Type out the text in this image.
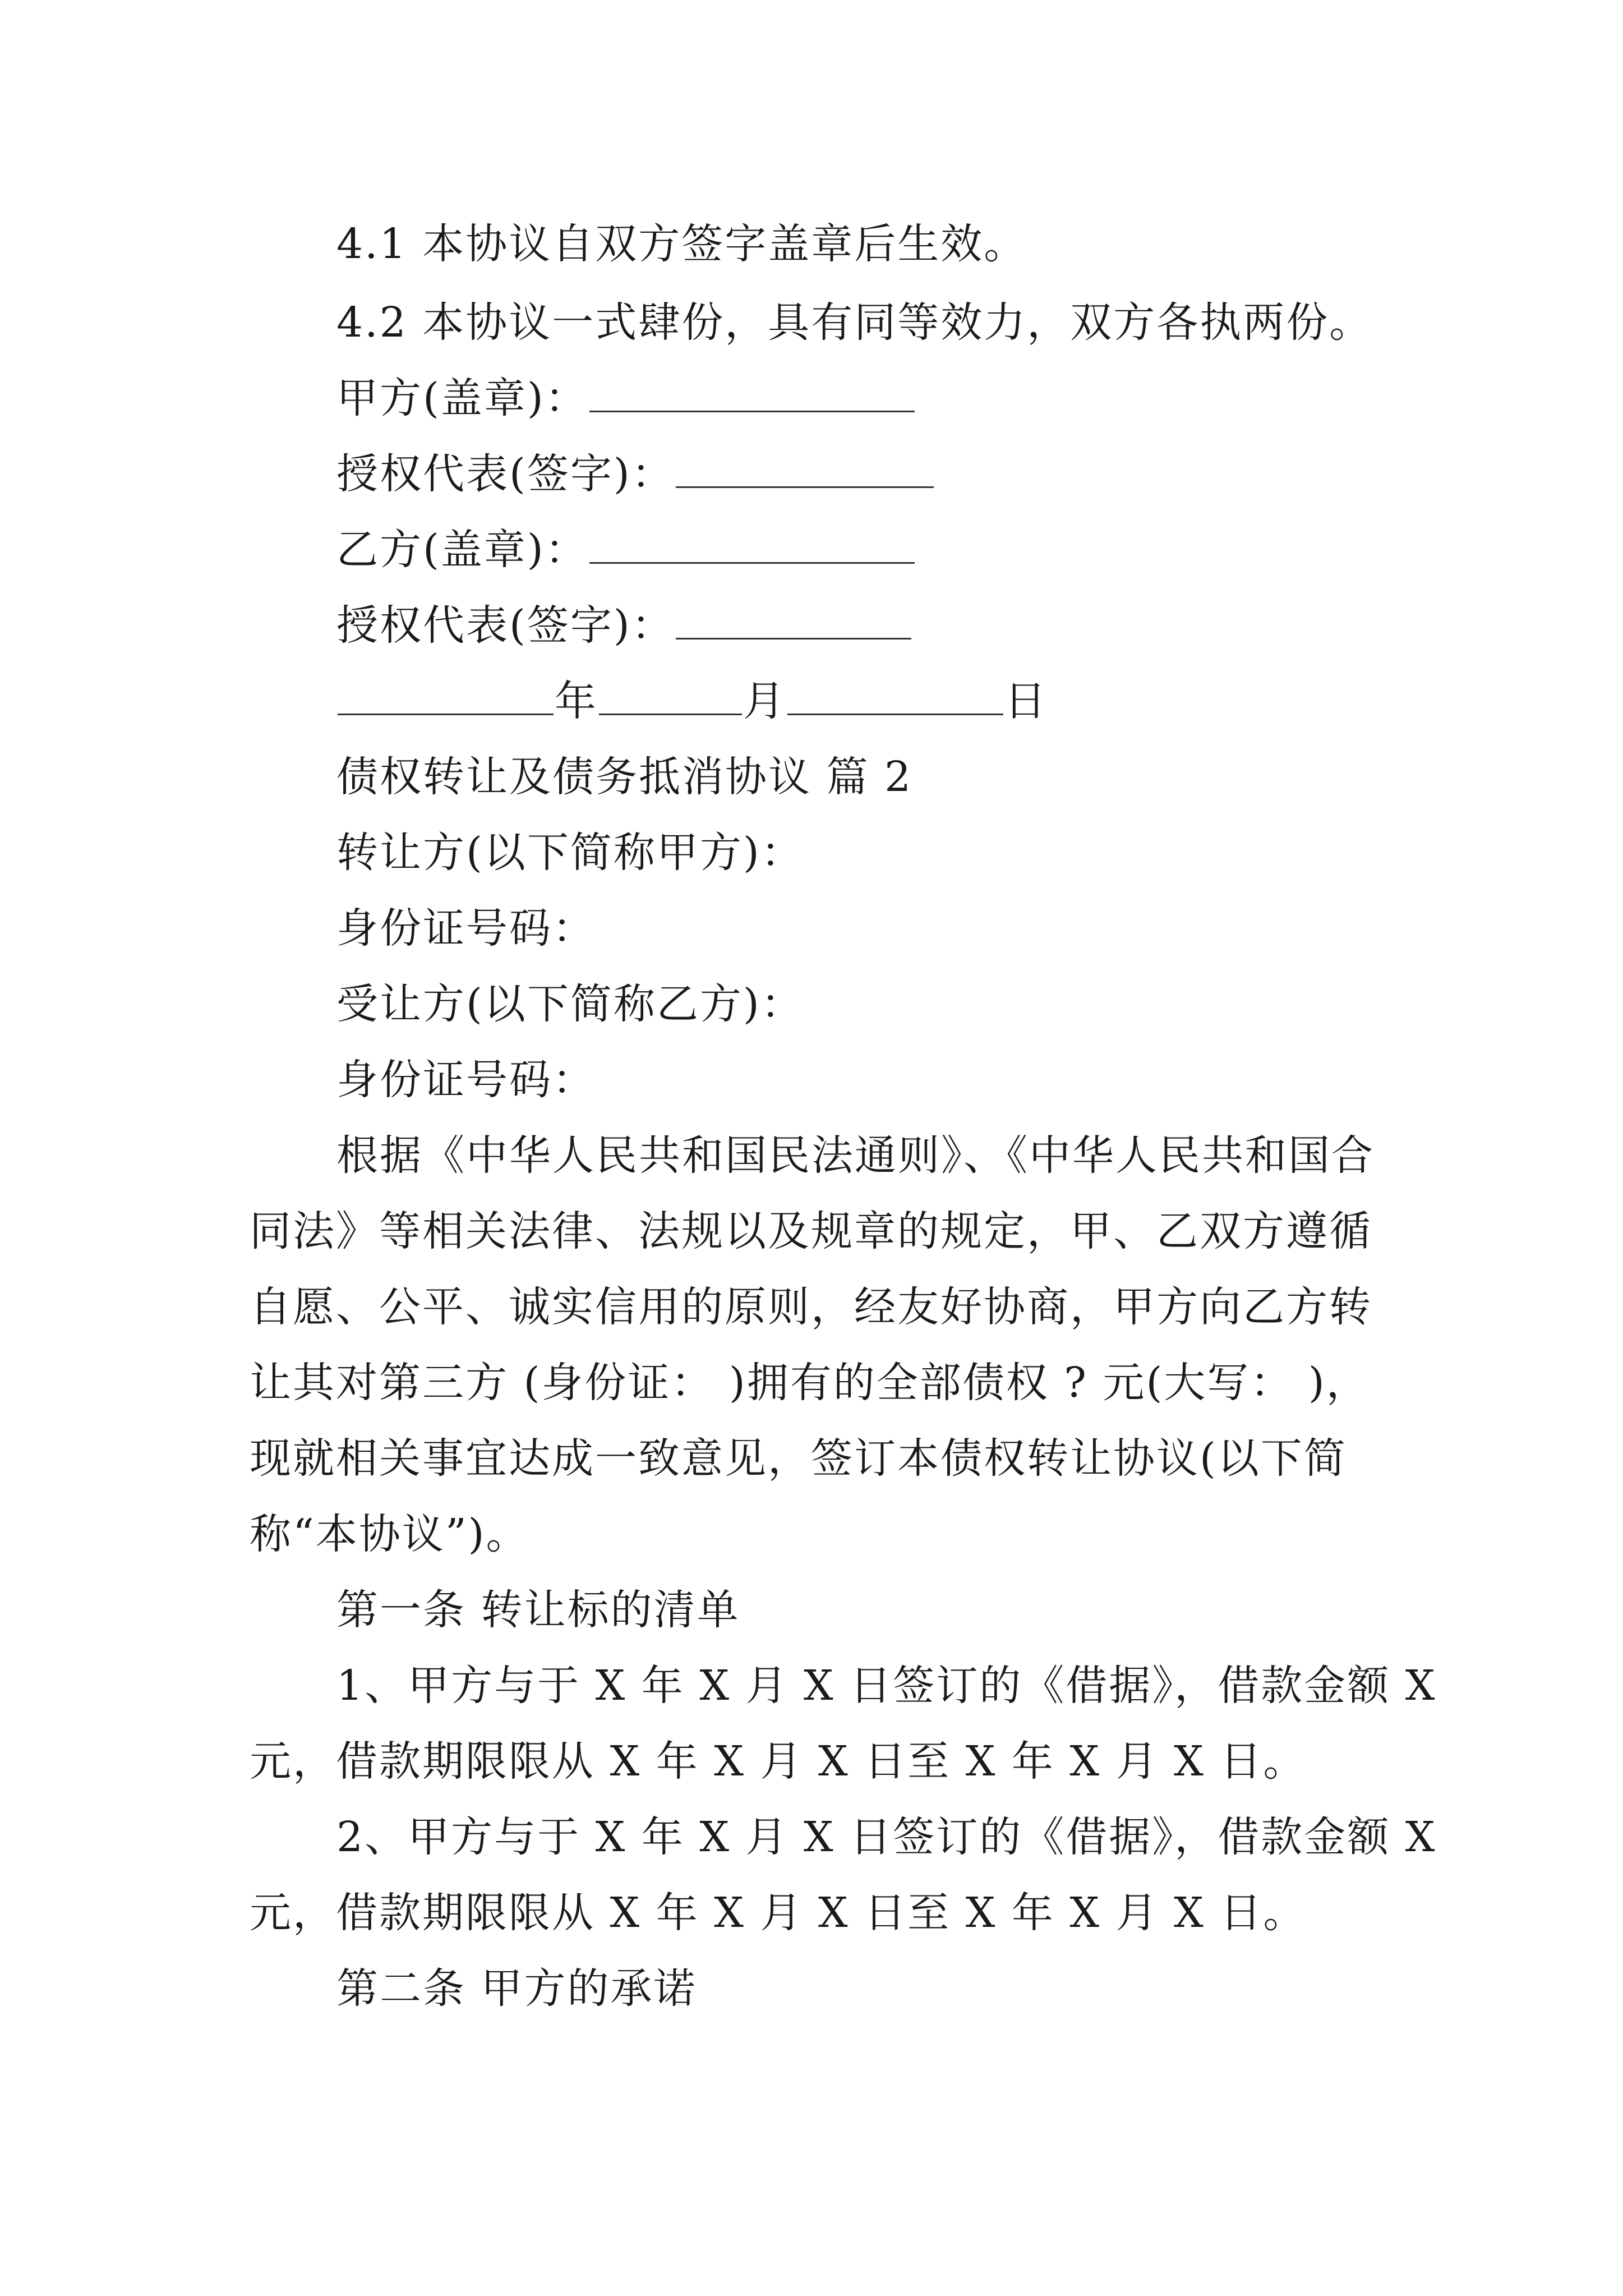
4.1 本协议自双方签字盖章后生效。
4.2 本协议一式肆份，具有同等效力，双方各执两份。
甲方(盖章)：
授权代表(签字)：
乙方(盖章)：
授权代表(签字)：
年	月	日
债权转让及债务抵消协议 篇 2
转让方(以下简称甲方)：
身份证号码：
受让方(以下简称乙方)：
身份证号码：
根据《中华人民共和国民法通则》、《中华人民共和国合
同法》等相关法律、法规以及规章的规定，甲、乙双方遵循
自愿、公平、诚实信用的原则，经友好协商，甲方向乙方转
让其对第三方 (身份证： )拥有的全部债权 ? 元(大写： )，
现就相关事宜达成一致意见，签订本债权转让协议(以下简
称“本协议”)。
第一条 转让标的清单
1、甲方与于 X 年 X 月 X 日签订的《借据》，借款金额 X
元，借款期限限从 X 年 X 月 X 日至 X 年 X 月 X 日。
2、甲方与于 X 年 X 月 X 日签订的《借据》，借款金额 X
元，借款期限限从 X 年 X 月 X 日至 X 年 X 月 X 日。
第二条 甲方的承诺
